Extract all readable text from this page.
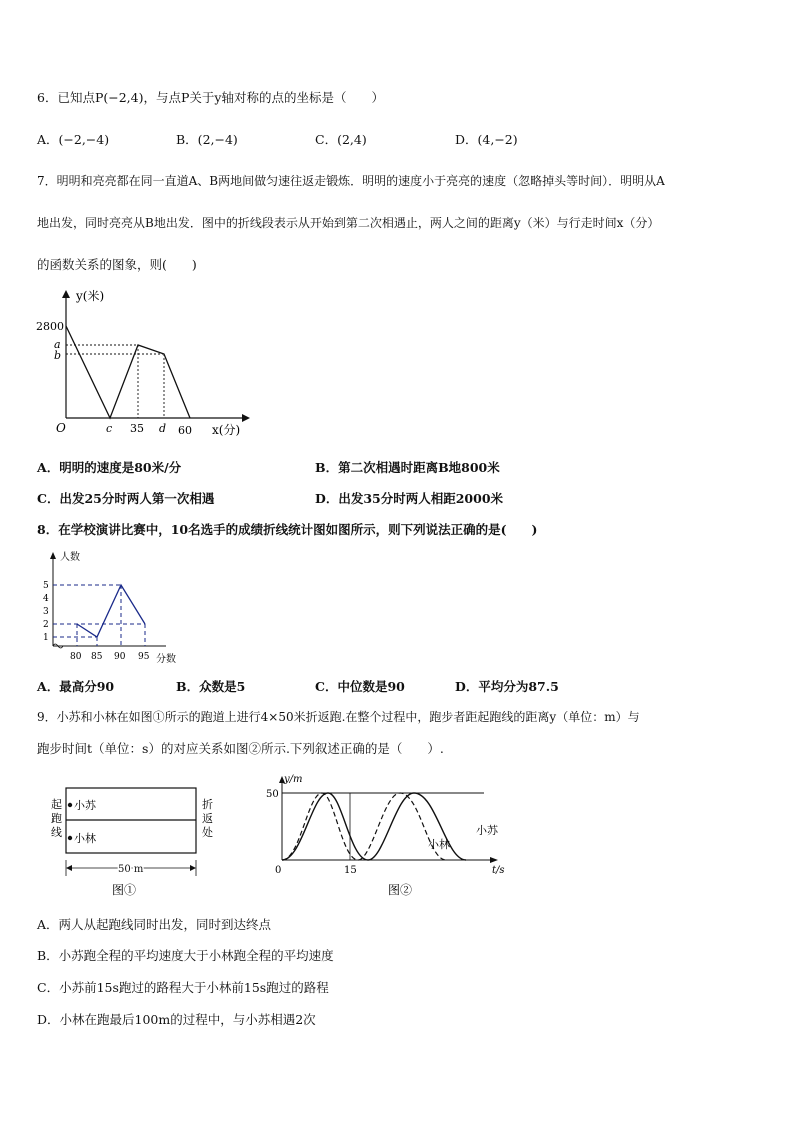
6．已知点P(−2,4)，与点P关于y轴对称的点的坐标是（　　）
A．(−2,−4)	B．(2,−4)	C．(2,4)	D．(4,−2)
7．明明和亮亮都在同一直道A、B两地间做匀速往返走锻炼．明明的速度小于亮亮的速度（忽略掉头等时间）．明明从A
地出发，同时亮亮从B地出发．图中的折线段表示从开始到第二次相遇止，两人之间的距离y（米）与行走时间x（分）
的函数关系的图象，则(　　)
y(米)
2800
a
b
O	c 35 d 60 x(分)
A．明明的速度是80米/分	B．第二次相遇时距离B地800米
C．出发25分时两人第一次相遇	D．出发35分时两人相距2000米
8．在学校演讲比赛中，10名选手的成绩折线统计图如图所示，则下列说法正确的是(　　)
5
4
3
2
1
80 85 90 95 分数
人数
A．最高分90	B．众数是5	C．中位数是90	D．平均分为87.5
9．小苏和小林在如图①所示的跑道上进行4×50米折返跑.在整个过程中，跑步者距起跑线的距离y（单位：m）与
跑步时间t（单位：s）的对应关系如图②所示.下列叙述正确的是（　　）.
起
跑
线
折
返
处
小苏
小林
50 m
图①
y/m
50
0	15	t/s
小林
小苏
图②
A．两人从起跑线同时出发，同时到达终点
B．小苏跑全程的平均速度大于小林跑全程的平均速度
C．小苏前15s跑过的路程大于小林前15s跑过的路程
D．小林在跑最后100m的过程中，与小苏相遇2次
